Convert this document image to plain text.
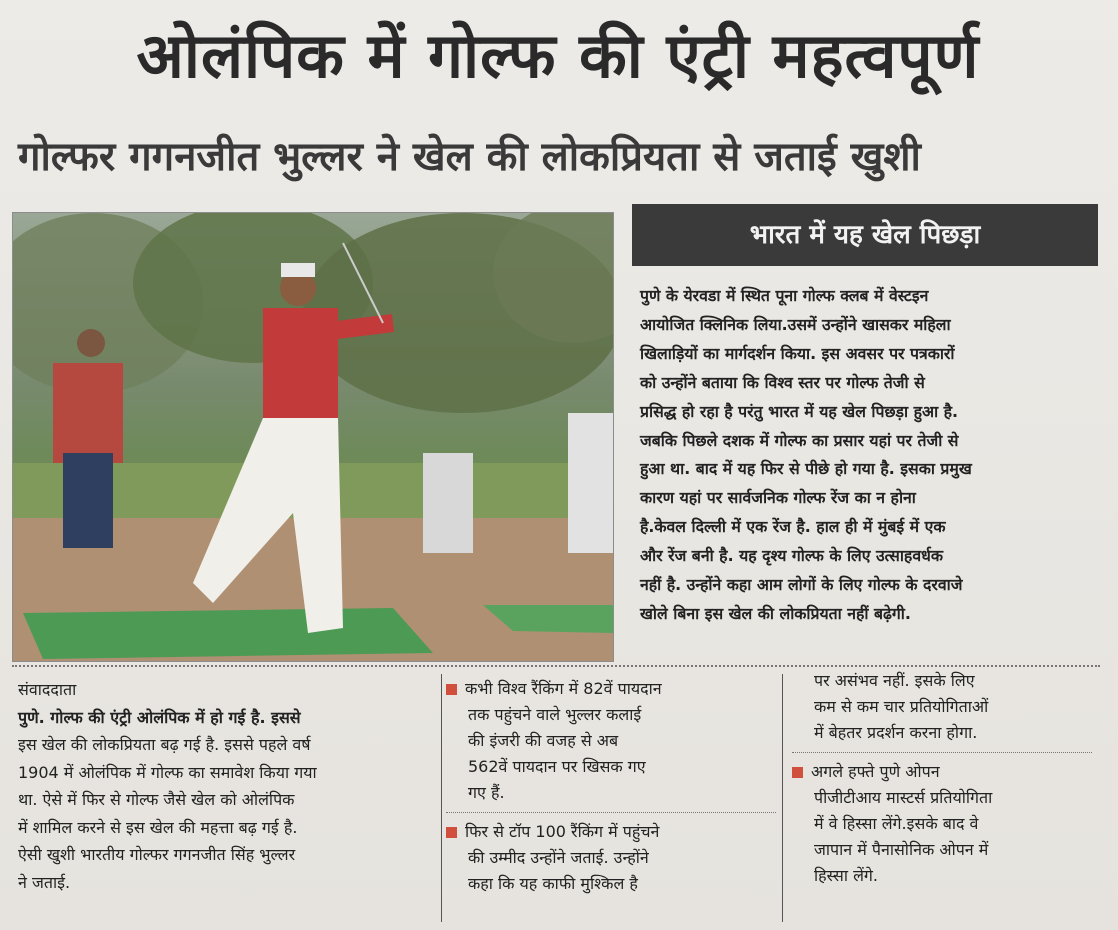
ओलंपिक में गोल्फ की एंट्री महत्वपूर्ण
गोल्फर गगनजीत भुल्लर ने खेल की लोकप्रियता से जताई खुशी
भारत में यह खेल पिछड़ा

पुणे के येरवडा में स्थित पूना गोल्फ क्लब में वेस्टइन

आयोजित क्लिनिक लिया.उसमें उन्होंने खासकर महिला

खिलाड़ियों का मार्गदर्शन किया. इस अवसर पर पत्रकारों

को उन्होंने बताया कि विश्व स्तर पर गोल्फ तेजी से

प्रसिद्ध हो रहा है परंतु भारत में यह खेल पिछड़ा हुआ है.

जबकि पिछले दशक में गोल्फ का प्रसार यहां पर तेजी से

हुआ था. बाद में यह फिर से पीछे हो गया है. इसका प्रमुख

कारण यहां पर सार्वजनिक गोल्फ रेंज का न होना

है.केवल दिल्ली में एक रेंज है. हाल ही में मुंबई में एक

और रेंज बनी है. यह दृश्य गोल्फ के लिए उत्साहवर्धक

नहीं है. उन्होंने कहा आम लोगों के लिए गोल्फ के दरवाजे

खोले बिना इस खेल की लोकप्रियता नहीं बढ़ेगी.

संवाददाता

पुणे. गोल्फ की एंट्री ओलंपिक में हो गई है. इससे

इस खेल की लोकप्रियता बढ़ गई है. इससे पहले वर्ष

1904 में ओलंपिक में गोल्फ का समावेश किया गया

था. ऐसे में फिर से गोल्फ जैसे खेल को ओलंपिक

में शामिल करने से इस खेल की महत्ता बढ़ गई है.

ऐसी खुशी भारतीय गोल्फर गगनजीत सिंह भुल्लर

ने जताई.

कभी विश्व रैंकिंग में 82वें पायदान

तक पहुंचने वाले भुल्लर कलाई

की इंजरी की वजह से अब

562वें पायदान पर खिसक गए

गए हैं.

फिर से टॉप 100 रैंकिंग में पहुंचने

की उम्मीद उन्होंने जताई. उन्होंने

कहा कि यह काफी मुश्किल है

पर असंभव नहीं. इसके लिए

कम से कम चार प्रतियोगिताओं

में बेहतर प्रदर्शन करना होगा.

अगले हफ्ते पुणे ओपन

पीजीटीआय मास्टर्स प्रतियोगिता

में वे हिस्सा लेंगे.इसके बाद वे

जापान में पैनासोनिक ओपन में

हिस्सा लेंगे.
